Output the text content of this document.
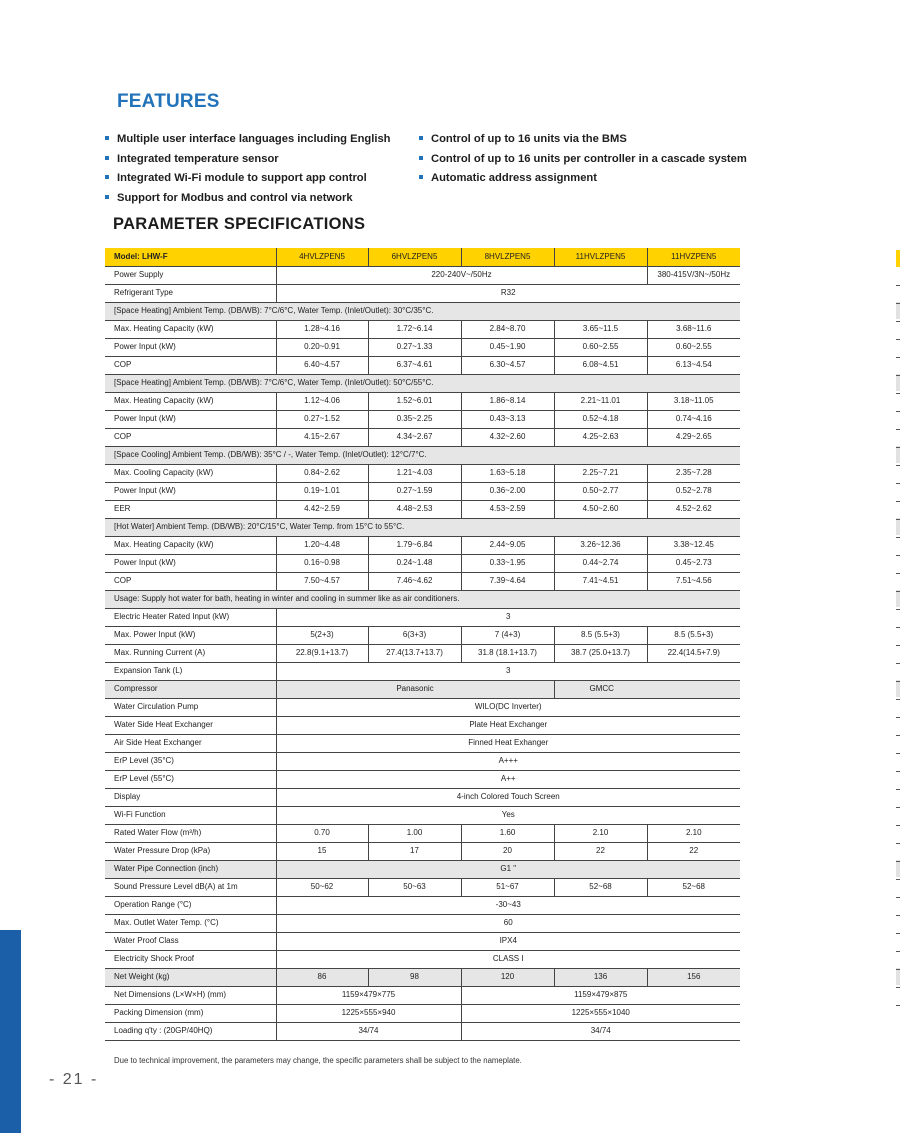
FEATURES
Multiple user interface languages including English
Integrated temperature sensor
Integrated Wi-Fi module to support app control
Support for Modbus and control via network
Control of up to 16 units via the BMS
Control of up to 16 units per controller in a cascade system
Automatic address assignment
PARAMETER SPECIFICATIONS
Model: LHW-F	4HVLZPEN5	6HVLZPEN5	8HVLZPEN5	11HVLZPEN5	11HVZPEN5
Power Supply	220-240V~/50Hz				380-415V/3N~/50Hz
Refrigerant Type	R32				
[Space Heating] Ambient Temp. (DB/WB): 7°C/6°C, Water Temp. (Inlet/Outlet): 30°C/35°C.					
Max. Heating Capacity (kW)	1.28~4.16	1.72~6.14	2.84~8.70	3.65~11.5	3.68~11.6
Power Input (kW)	0.20~0.91	0.27~1.33	0.45~1.90	0.60~2.55	0.60~2.55
COP	6.40~4.57	6.37~4.61	6.30~4.57	6.08~4.51	6.13~4.54
[Space Heating] Ambient Temp. (DB/WB): 7°C/6°C, Water Temp. (Inlet/Outlet): 50°C/55°C.					
Max. Heating Capacity (kW)	1.12~4.06	1.52~6.01	1.86~8.14	2.21~11.01	3.18~11.05
Power Input (kW)	0.27~1.52	0.35~2.25	0.43~3.13	0.52~4.18	0.74~4.16
COP	4.15~2.67	4.34~2.67	4.32~2.60	4.25~2.63	4.29~2.65
[Space Cooling] Ambient Temp. (DB/WB): 35°C / -, Water Temp. (Inlet/Outlet): 12°C/7°C.					
Max. Cooling Capacity (kW)	0.84~2.62	1.21~4.03	1.63~5.18	2.25~7.21	2.35~7.28
Power Input (kW)	0.19~1.01	0.27~1.59	0.36~2.00	0.50~2.77	0.52~2.78
EER	4.42~2.59	4.48~2.53	4.53~2.59	4.50~2.60	4.52~2.62
[Hot Water] Ambient Temp. (DB/WB): 20°C/15°C, Water Temp. from 15°C to 55°C.					
Max. Heating Capacity (kW)	1.20~4.48	1.79~6.84	2.44~9.05	3.26~12.36	3.38~12.45
Power Input (kW)	0.16~0.98	0.24~1.48	0.33~1.95	0.44~2.74	0.45~2.73
COP	7.50~4.57	7.46~4.62	7.39~4.64	7.41~4.51	7.51~4.56
Usage: Supply hot water for bath, heating in winter and cooling in summer like as air conditioners.					
Electric Heater Rated Input (kW)	3				
Max. Power Input (kW)	5(2+3)	6(3+3)	7 (4+3)	8.5 (5.5+3)	8.5 (5.5+3)
Max. Running Current (A)	22.8(9.1+13.7)	27.4(13.7+13.7)	31.8 (18.1+13.7)	38.7 (25.0+13.7)	22.4(14.5+7.9)
Expansion Tank (L)	3				
Compressor	Panasonic			GMCC	
Water Circulation Pump	WILO(DC Inverter)				
Water Side Heat Exchanger	Plate Heat Exchanger				
Air Side Heat Exchanger	Finned Heat Exhanger				
ErP Level (35°C)	A+++				
ErP Level (55°C)	A++				
Display	4-inch Colored Touch Screen				
Wi-Fi Function	Yes				
Rated Water Flow (m³/h)	0.70	1.00	1.60	2.10	2.10
Water Pressure Drop (kPa)	15	17	20	22	22
Water Pipe Connection (inch)	G1 "				
Sound Pressure Level dB(A) at 1m	50~62	50~63	51~67	52~68	52~68
Operation Range (°C)	-30~43				
Max. Outlet Water Temp. (°C)	60				
Water Proof Class	IPX4				
Electricity Shock Proof	CLASS I				
Net Weight (kg)	86	98	120	136	156
Net Dimensions (L×W×H) (mm)	1159×479×775		1159×479×875		
Packing Dimension (mm)	1225×555×940		1225×555×1040		
Loading q'ty : (20GP/40HQ)	34/74		34/74		
Due to technical improvement, the parameters may change, the specific parameters shall be subject to the nameplate.
- 21 -
